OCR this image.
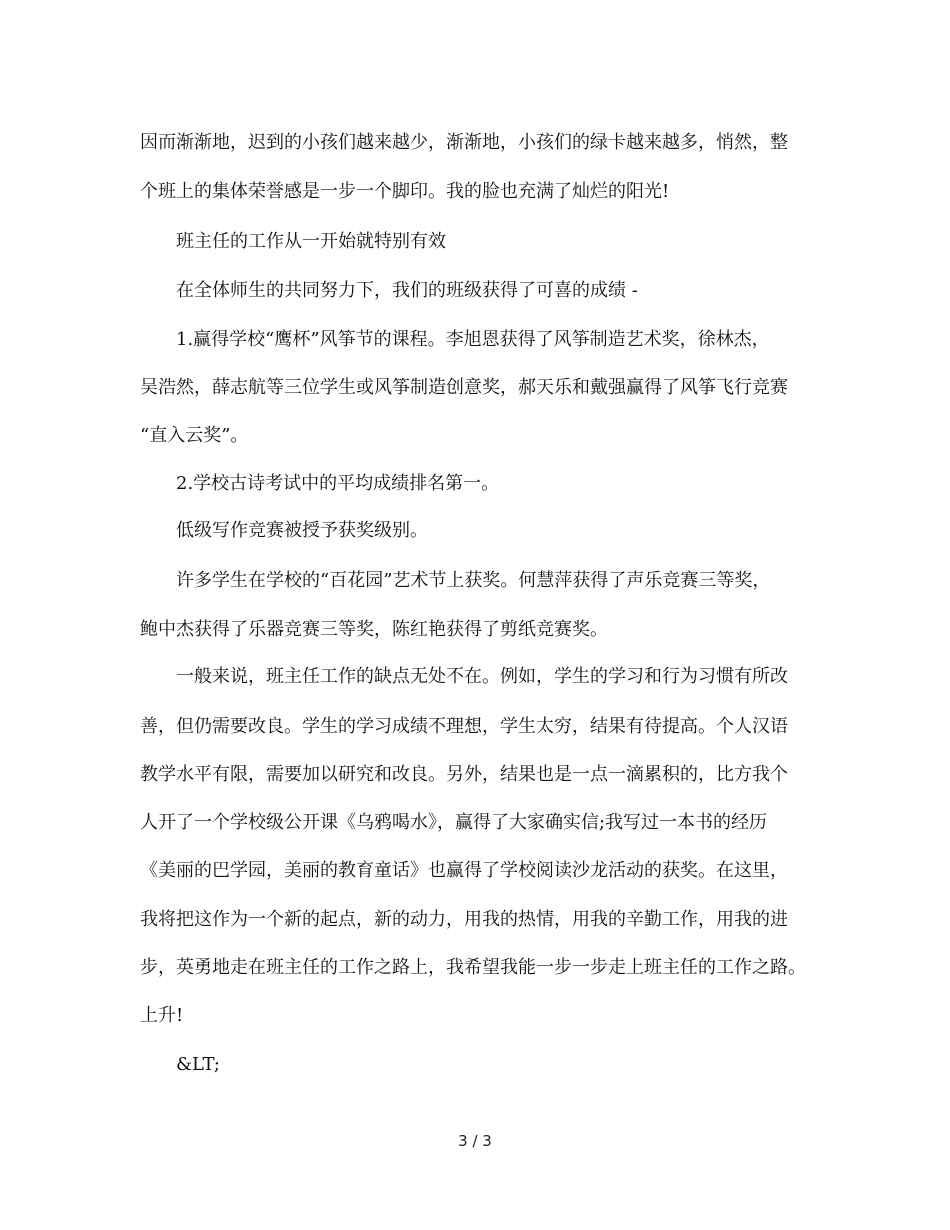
因而渐渐地，迟到的小孩们越来越少，渐渐地，小孩们的绿卡越来越多，悄然，整
个班上的集体荣誉感是一步一个脚印。我的脸也充满了灿烂的阳光!
班主任的工作从一开始就特别有效
在全体师生的共同努力下，我们的班级获得了可喜的成绩 -
1.赢得学校“鹰杯”风筝节的课程。李旭恩获得了风筝制造艺术奖，徐林杰，
吴浩然，薛志航等三位学生或风筝制造创意奖，郝天乐和戴强赢得了风筝飞行竞赛
“直入云奖”。
2.学校古诗考试中的平均成绩排名第一。
低级写作竞赛被授予获奖级别。
许多学生在学校的“百花园”艺术节上获奖。何慧萍获得了声乐竞赛三等奖，
鲍中杰获得了乐器竞赛三等奖，陈红艳获得了剪纸竞赛奖。
一般来说，班主任工作的缺点无处不在。例如，学生的学习和行为习惯有所改
善，但仍需要改良。学生的学习成绩不理想，学生太穷，结果有待提高。个人汉语
教学水平有限，需要加以研究和改良。另外，结果也是一点一滴累积的，比方我个
人开了一个学校级公开课《乌鸦喝水》，赢得了大家确实信;我写过一本书的经历
《美丽的巴学园，美丽的教育童话》也赢得了学校阅读沙龙活动的获奖。在这里，
我将把这作为一个新的起点，新的动力，用我的热情，用我的辛勤工作，用我的进
步，英勇地走在班主任的工作之路上，我希望我能一步一步走上班主任的工作之路。
上升!
&LT;
3 / 3
